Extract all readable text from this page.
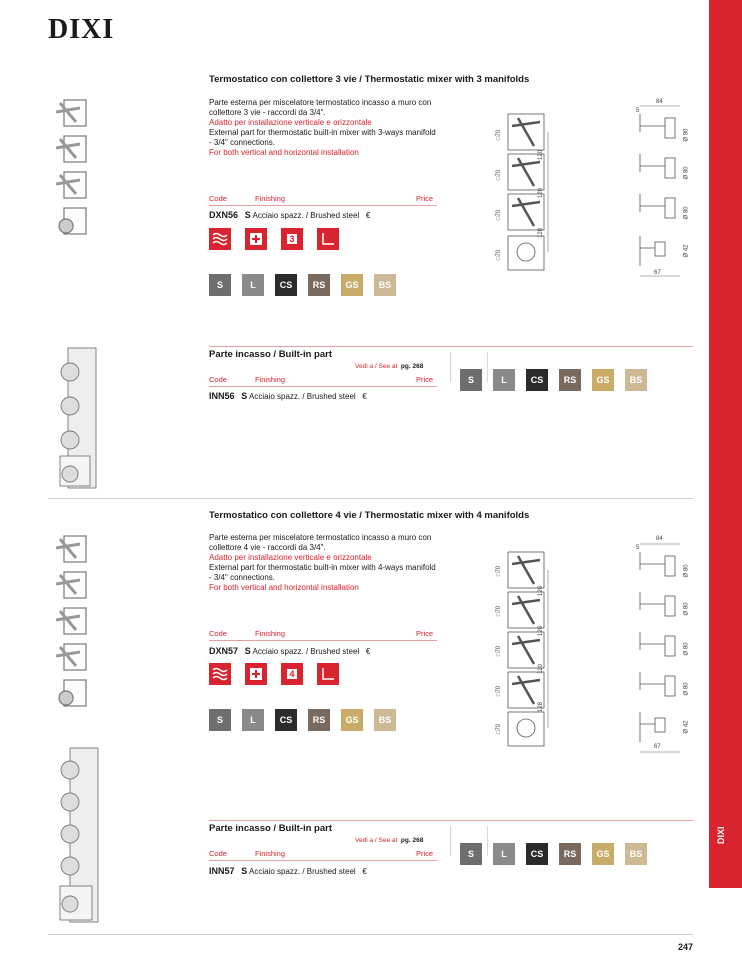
DIXI
DIXI
Termostatico con collettore 3 vie / Thermostatic mixer with 3 manifolds
Parte esterna per miscelatore termostatico incasso a muro con collettore 3 vie - raccordi da 3/4".
Adatto per installazione verticale e orizzontale
External part for thermostatic built-in mixer with 3-ways manifold - 3/4" connections.
For both vertical and horizontal installation
Code	Finishing	Price
DXN56 S Acciaio spazz. / Brushed steel €
3
S	L	CS	RS	GS	BS
□70
□70
□70
□70
120
120
128
84
5
67
Ø 80
Ø 80
Ø 80
Ø 42
Parte incasso / Built-in part
Vedi a / See at pg. 268
Code	Finishing	Price
INN56 S Acciaio spazz. / Brushed steel €
S	L	CS	RS	GS	BS
Termostatico con collettore 4 vie / Thermostatic mixer with 4 manifolds
Parte esterna per miscelatore termostatico incasso a muro con collettore 4 vie - raccordi da 3/4".
Adatto per installazione verticale e orizzontale
External part for thermostatic built-in mixer with 4-ways manifold - 3/4" connections.
For both vertical and horizontal installation
Code	Finishing	Price
DXN57 S Acciaio spazz. / Brushed steel €
4
S	L	CS	RS	GS	BS
□70
□70
□70
□70
□70
120
120
120
128
84
5
67
Ø 80
Ø 80
Ø 80
Ø 80
Ø 42
Parte incasso / Built-in part
Vedi a / See at pg. 268
Code	Finishing	Price
INN57 S Acciaio spazz. / Brushed steel €
S	L	CS	RS	GS	BS
247
